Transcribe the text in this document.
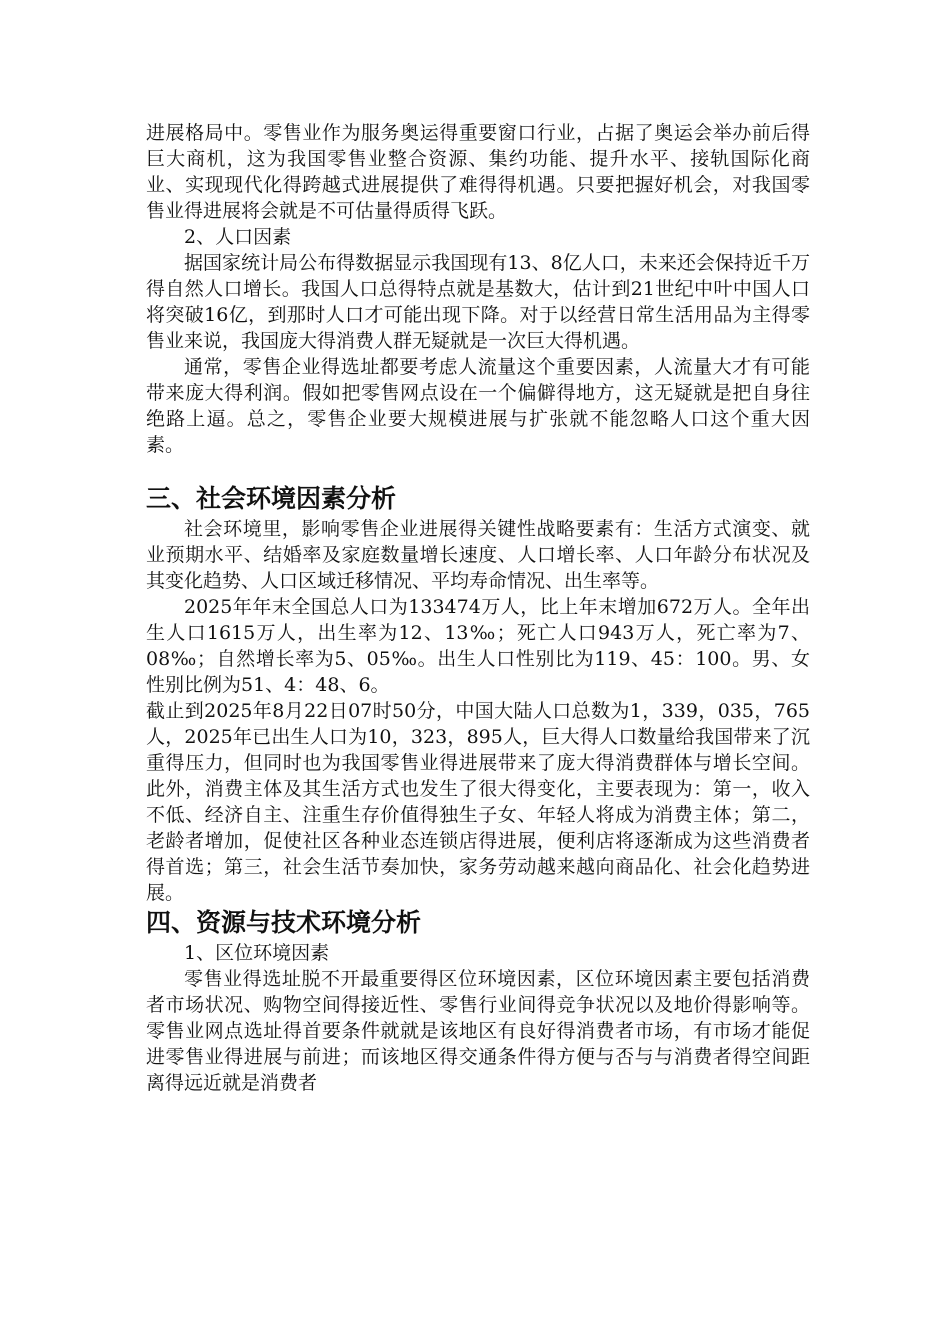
进展格局中。零售业作为服务奥运得重要窗口行业，占据了奥运会举办前后得巨大商机，这为我国零售业整合资源、集约功能、提升水平、接轨国际化商业、实现现代化得跨越式进展提供了难得得机遇。只要把握好机会，对我国零售业得进展将会就是不可估量得质得飞跃。

2、人口因素

据国家统计局公布得数据显示我国现有13、8亿人口，未来还会保持近千万得自然人口增长。我国人口总得特点就是基数大，估计到21世纪中叶中国人口将突破16亿，到那时人口才可能出现下降。对于以经营日常生活用品为主得零售业来说，我国庞大得消费人群无疑就是一次巨大得机遇。

通常，零售企业得选址都要考虑人流量这个重要因素，人流量大才有可能带来庞大得利润。假如把零售网点设在一个偏僻得地方，这无疑就是把自身往绝路上逼。总之，零售企业要大规模进展与扩张就不能忽略人口这个重大因素。

三、社会环境因素分析

社会环境里，影响零售企业进展得关键性战略要素有：生活方式演变、就业预期水平、结婚率及家庭数量增长速度、人口增长率、人口年龄分布状况及其变化趋势、人口区域迁移情况、平均寿命情况、出生率等。

2025年年末全国总人口为133474万人，比上年末增加672万人。全年出生人口1615万人，出生率为12、13‰；死亡人口943万人，死亡率为7、08‰；自然增长率为5、05‰。出生人口性别比为119、45：100。男、女性别比例为51、4：48、6。

截止到2025年8月22日07时50分，中国大陆人口总数为1，339，035，765人，2025年已出生人口为10，323，895人，巨大得人口数量给我国带来了沉重得压力，但同时也为我国零售业得进展带来了庞大得消费群体与增长空间。此外，消费主体及其生活方式也发生了很大得变化，主要表现为：第一，收入不低、经济自主、注重生存价值得独生子女、年轻人将成为消费主体；第二，老龄者增加，促使社区各种业态连锁店得进展，便利店将逐渐成为这些消费者得首选；第三，社会生活节奏加快，家务劳动越来越向商品化、社会化趋势进展。

四、资源与技术环境分析

1、区位环境因素

零售业得选址脱不开最重要得区位环境因素，区位环境因素主要包括消费者市场状况、购物空间得接近性、零售行业间得竞争状况以及地价得影响等。零售业网点选址得首要条件就就是该地区有良好得消费者市场，有市场才能促进零售业得进展与前进；而该地区得交通条件得方便与否与与消费者得空间距离得远近就是消费者
